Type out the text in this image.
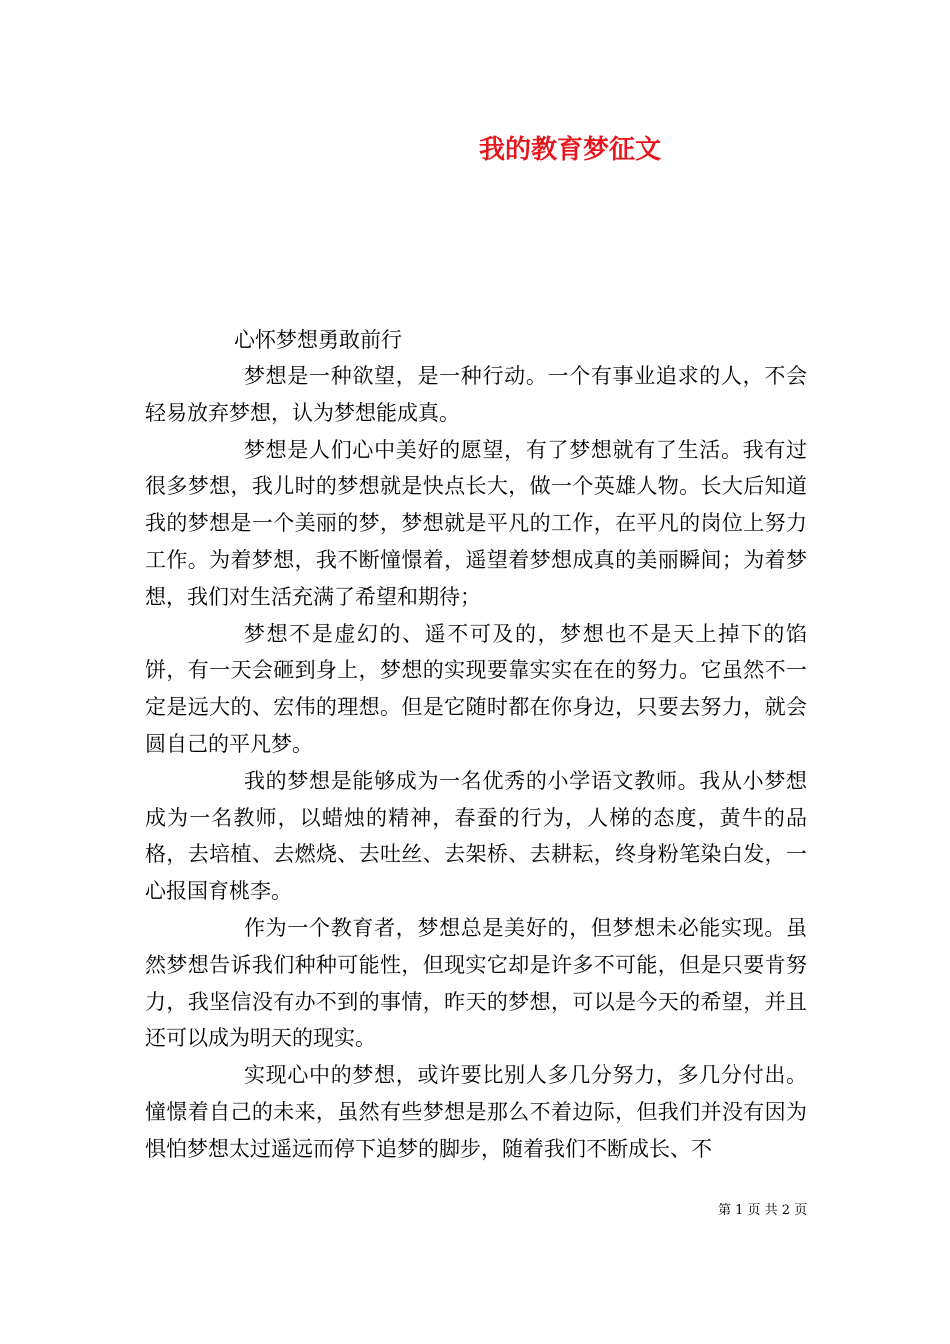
我的教育梦征文
心怀梦想勇敢前行

梦想是一种欲望，是一种行动。一个有事业追求的人，不会轻易放弃梦想，认为梦想能成真。

梦想是人们心中美好的愿望，有了梦想就有了生活。我有过很多梦想，我儿时的梦想就是快点长大，做一个英雄人物。长大后知道我的梦想是一个美丽的梦，梦想就是平凡的工作，在平凡的岗位上努力工作。为着梦想，我不断憧憬着，遥望着梦想成真的美丽瞬间；为着梦想，我们对生活充满了希望和期待；

梦想不是虚幻的、遥不可及的，梦想也不是天上掉下的馅饼，有一天会砸到身上，梦想的实现要靠实实在在的努力。它虽然不一定是远大的、宏伟的理想。但是它随时都在你身边，只要去努力，就会圆自己的平凡梦。

我的梦想是能够成为一名优秀的小学语文教师。我从小梦想成为一名教师，以蜡烛的精神，春蚕的行为，人梯的态度，黄牛的品格，去培植、去燃烧、去吐丝、去架桥、去耕耘，终身粉笔染白发，一心报国育桃李。

作为一个教育者，梦想总是美好的，但梦想未必能实现。虽然梦想告诉我们种种可能性，但现实它却是许多不可能，但是只要肯努力，我坚信没有办不到的事情，昨天的梦想，可以是今天的希望，并且还可以成为明天的现实。

实现心中的梦想，或许要比别人多几分努力，多几分付出。憧憬着自己的未来，虽然有些梦想是那么不着边际，但我们并没有因为惧怕梦想太过遥远而停下追梦的脚步，随着我们不断成长、不

第 1 页 共 2 页
